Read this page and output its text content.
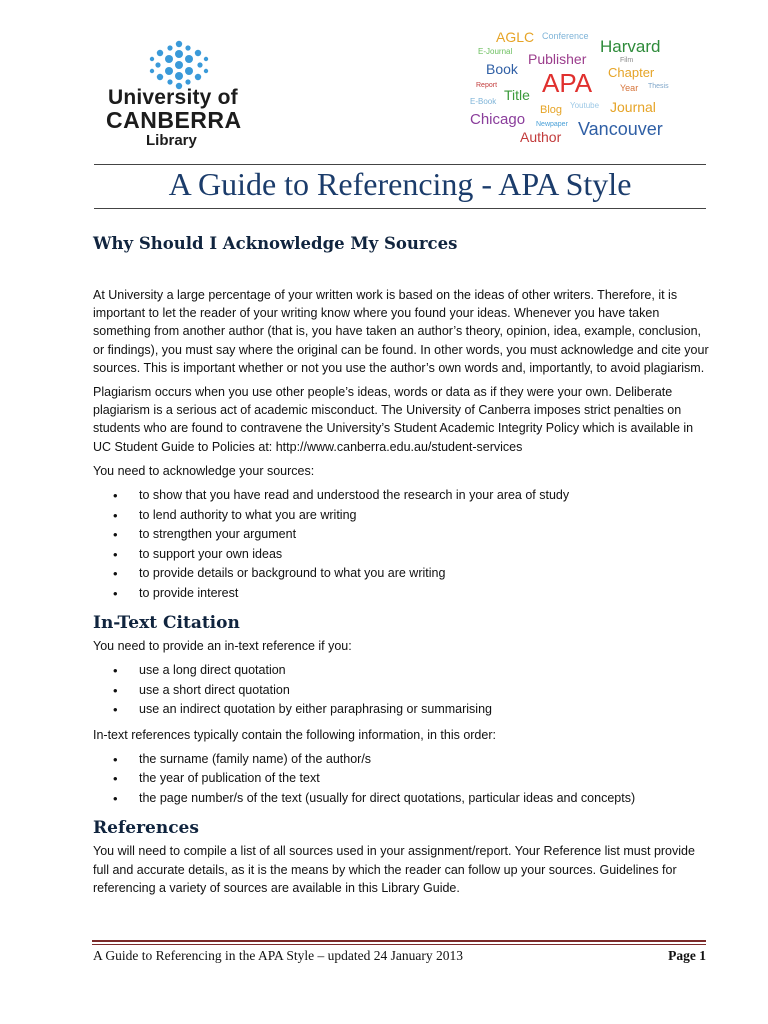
University of
CANBERRA
Library
AGLC Conference
Harvard
E-Journal Publisher	Film
Book APA Chapter
Report	Year Thesis
E-Book Title
Youtube
Blog	Journal
Newpaper
Chicago	Vancouver
Author
A Guide to Referencing - APA Style
Why Should I Acknowledge My Sources

At University a large percentage of your written work is based on the ideas of other writers. Therefore, it is important to let the reader of your writing know where you found your ideas. Whenever you have taken something from another author (that is, you have taken an author’s theory, opinion, idea, example, conclusion, or findings), you must say where the original can be found. In other words, you must acknowledge and cite your sources. This is important whether or not you use the author’s own words and, importantly, to avoid plagiarism.

Plagiarism occurs when you use other people’s ideas, words or data as if they were your own. Deliberate plagiarism is a serious act of academic misconduct. The University of Canberra imposes strict penalties on students who are found to contravene the University’s Student Academic Integrity Policy which is available in UC Student Guide to Policies at: http://www.canberra.edu.au/student-services

You need to acknowledge your sources:

• to show that you have read and understood the research in your area of study
• to lend authority to what you are writing
• to strengthen your argument
• to support your own ideas
• to provide details or background to what you are writing
• to provide interest
In-Text Citation

You need to provide an in-text reference if you:

• use a long direct quotation
• use a short direct quotation
• use an indirect quotation by either paraphrasing or summarising

In-text references typically contain the following information, in this order:

• the surname (family name) of the author/s
• the year of publication of the text
• the page number/s of the text (usually for direct quotations, particular ideas and concepts)
References

You will need to compile a list of all sources used in your assignment/report. Your Reference list must provide full and accurate details, as it is the means by which the reader can follow up your sources. Guidelines for referencing a variety of sources are available in this Library Guide.

A Guide to Referencing in the APA Style – updated 24 January 2013	Page 1
